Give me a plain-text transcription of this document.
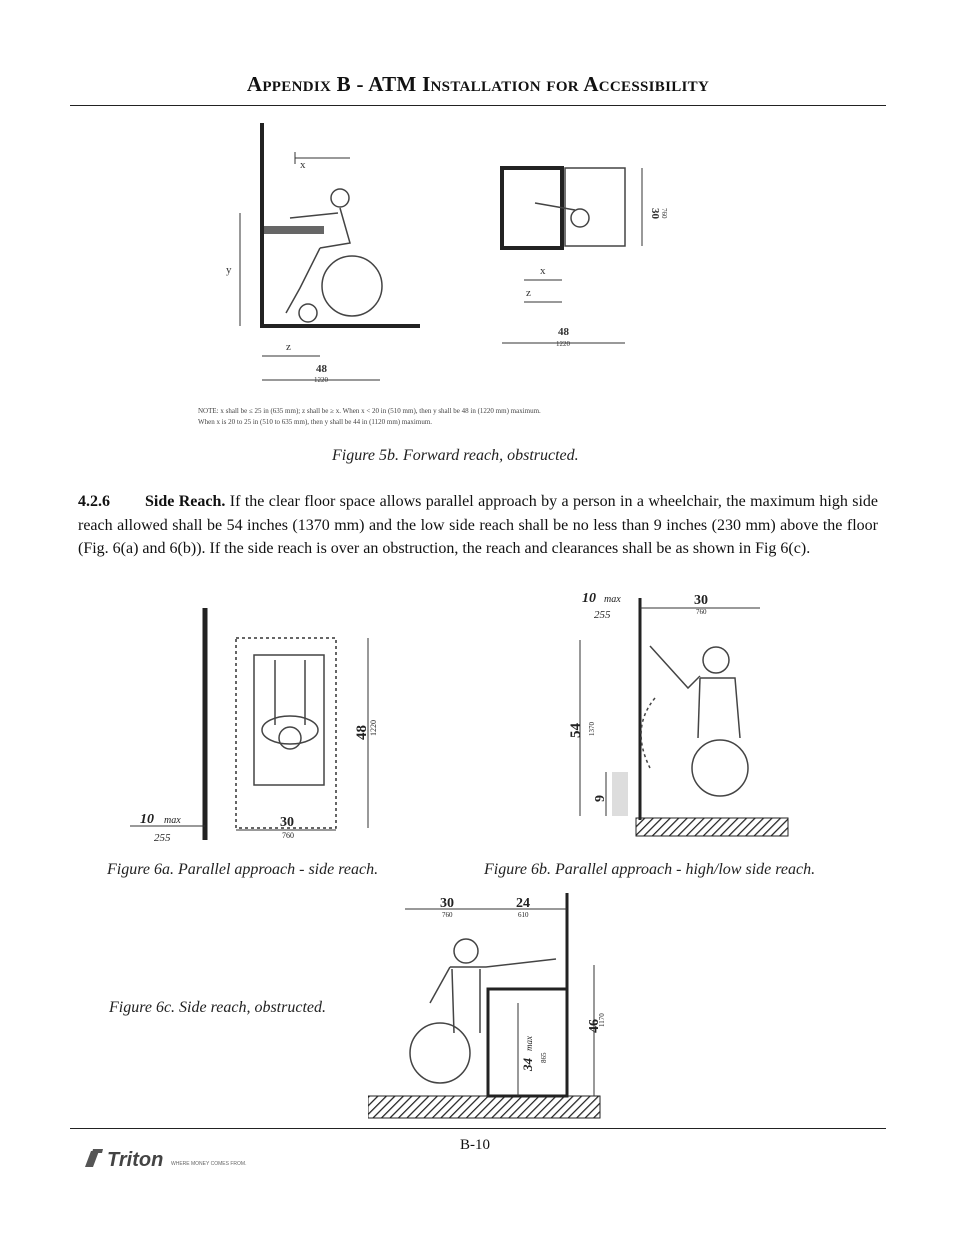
Appendix B - ATM Installation for Accessibility
x
y
z
48
1220
30 760
x
z
48
1220
NOTE: x shall be ≤ 25 in (635 mm); z shall be ≥ x. When x < 20 in (510 mm), then y shall be 48 in (1220 mm) maximum.
When x is 20 to 25 in (510 to 635 mm), then y shall be 44 in (1120 mm) maximum.
Figure 5b. Forward reach, obstructed.
4.2.6 Side Reach. If the clear floor space allows parallel approach by a person in a wheelchair, the maximum high side reach allowed shall be 54 inches (1370 mm) and the low side reach shall be no less than 9 inches (230 mm) above the floor (Fig. 6(a) and 6(b)). If the side reach is over an obstruction, the reach and clearances shall be as shown in Fig 6(c).
48 1220
10 max
255
30
760
Figure 6a. Parallel approach - side reach.
54 1370
9
10 max
255
30
760
Figure 6b. Parallel approach - high/low side reach.
Figure 6c. Side reach, obstructed.
30
760
24
610
46
1170
34
max
865
B-10
Triton WHERE MONEY COMES FROM.
